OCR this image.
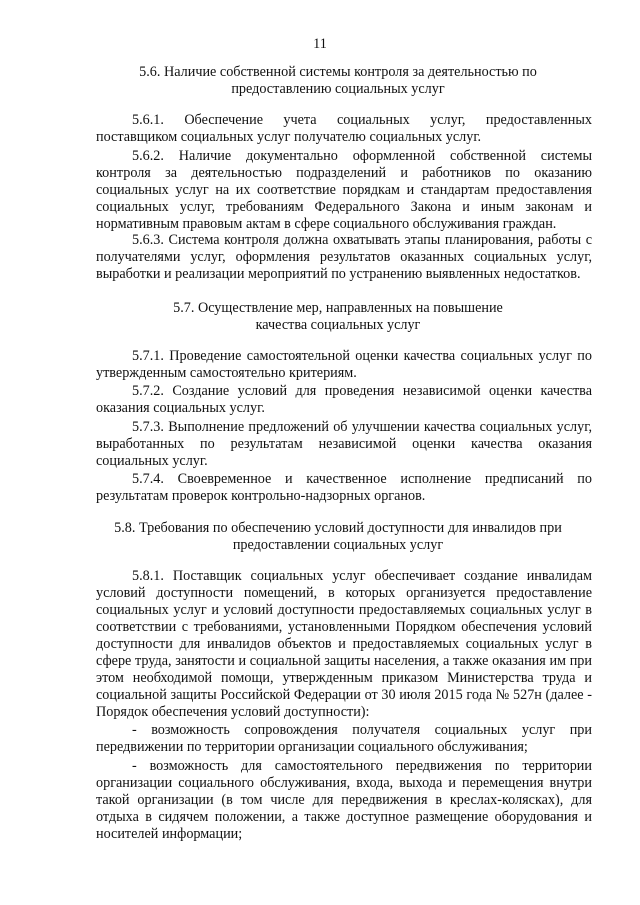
11
5.6. Наличие собственной системы контроля за деятельностью по
предоставлению социальных услуг

5.6.1. Обеспечение учета социальных услуг, предоставленных поставщиком социальных услуг получателю социальных услуг.

5.6.2. Наличие документально оформленной собственной системы контроля за деятельностью подразделений и работников по оказанию социальных услуг на их соответствие порядкам и стандартам предоставления социальных услуг, требованиям Федерального Закона и иным законам и нормативным правовым актам в сфере социального обслуживания граждан.

5.6.3. Система контроля должна охватывать этапы планирования, работы с получателями услуг, оформления результатов оказанных социальных услуг, выработки и реализации мероприятий по устранению выявленных недостатков.

5.7. Осуществление мер, направленных на повышение
качества социальных услуг

5.7.1. Проведение самостоятельной оценки качества социальных услуг по утвержденным самостоятельно критериям.

5.7.2. Создание условий для проведения независимой оценки качества оказания социальных услуг.

5.7.3. Выполнение предложений об улучшении качества социальных услуг, выработанных по результатам независимой оценки качества оказания социальных услуг.

5.7.4. Своевременное и качественное исполнение предписаний по результатам проверок контрольно-надзорных органов.

5.8. Требования по обеспечению условий доступности для инвалидов при
предоставлении социальных услуг

5.8.1. Поставщик социальных услуг обеспечивает создание инвалидам условий доступности помещений, в которых организуется предоставление социальных услуг и условий доступности предоставляемых социальных услуг в соответствии с требованиями, установленными Порядком обеспечения условий доступности для инвалидов объектов и предоставляемых социальных услуг в сфере труда, занятости и социальной защиты населения, а также оказания им при этом необходимой помощи, утвержденным приказом Министерства труда и социальной защиты Российской Федерации от 30 июля 2015 года № 527н (далее - Порядок обеспечения условий доступности):

- возможность сопровождения получателя социальных услуг при передвижении по территории организации социального обслуживания;

- возможность для самостоятельного передвижения по территории организации социального обслуживания, входа, выхода и перемещения внутри такой организации (в том числе для передвижения в креслах-колясках), для отдыха в сидячем положении, а также доступное размещение оборудования и носителей информации;
